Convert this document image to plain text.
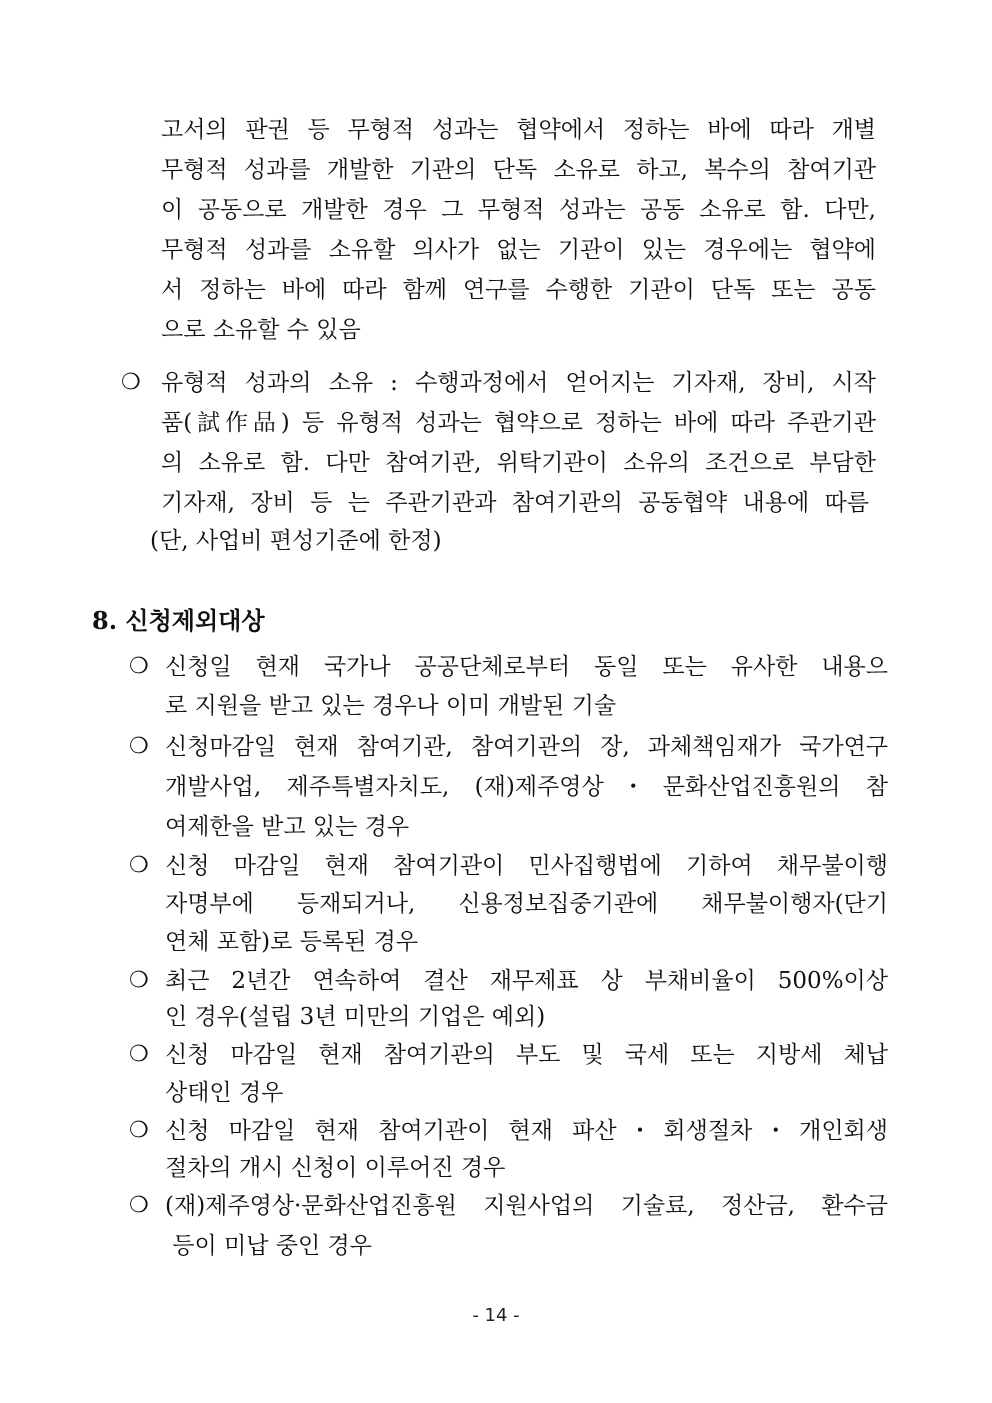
고서의 판권 등 무형적 성과는 협약에서 정하는 바에 따라 개별
무형적 성과를 개발한 기관의 단독 소유로 하고, 복수의 참여기관
이 공동으로 개발한 경우 그 무형적 성과는 공동 소유로 함. 다만,
무형적 성과를 소유할 의사가 없는 기관이 있는 경우에는 협약에
서 정하는 바에 따라 함께 연구를 수행한 기관이 단독 또는 공동
으로 소유할 수 있음
❍ 유형적 성과의 소유 : 수행과정에서 얻어지는 기자재, 장비, 시작
품(試作品) 등 유형적 성과는 협약으로 정하는 바에 따라 주관기관
의 소유로 함. 다만 참여기관, 위탁기관이 소유의 조건으로 부담한
기자재, 장비 등 는 주관기관과 참여기관의 공동협약 내용에 따름
(단, 사업비 편성기준에 한정)
8. 신청제외대상
❍ 신청일 현재 국가나 공공단체로부터 동일 또는 유사한 내용으
로 지원을 받고 있는 경우나 이미 개발된 기술
❍ 신청마감일 현재 참여기관, 참여기관의 장, 과체책임재가 국가연구
개발사업, 제주특별자치도, (재)제주영상・문화산업진흥원의 참
여제한을 받고 있는 경우
❍ 신청 마감일 현재 참여기관이 민사집행법에 기하여 채무불이행
자명부에 등재되거나, 신용정보집중기관에 채무불이행자(단기
연체 포함)로 등록된 경우
❍ 최근 2년간 연속하여 결산 재무제표 상 부채비율이 500%이상
인 경우(설립 3년 미만의 기업은 예외)
❍ 신청 마감일 현재 참여기관의 부도 및 국세 또는 지방세 체납
상태인 경우
❍ 신청 마감일 현재 참여기관이 현재 파산・회생절차・개인회생
절차의 개시 신청이 이루어진 경우
❍ (재)제주영상·문화산업진흥원 지원사업의 기술료, 정산금, 환수금
등이 미납 중인 경우
- 14 -
